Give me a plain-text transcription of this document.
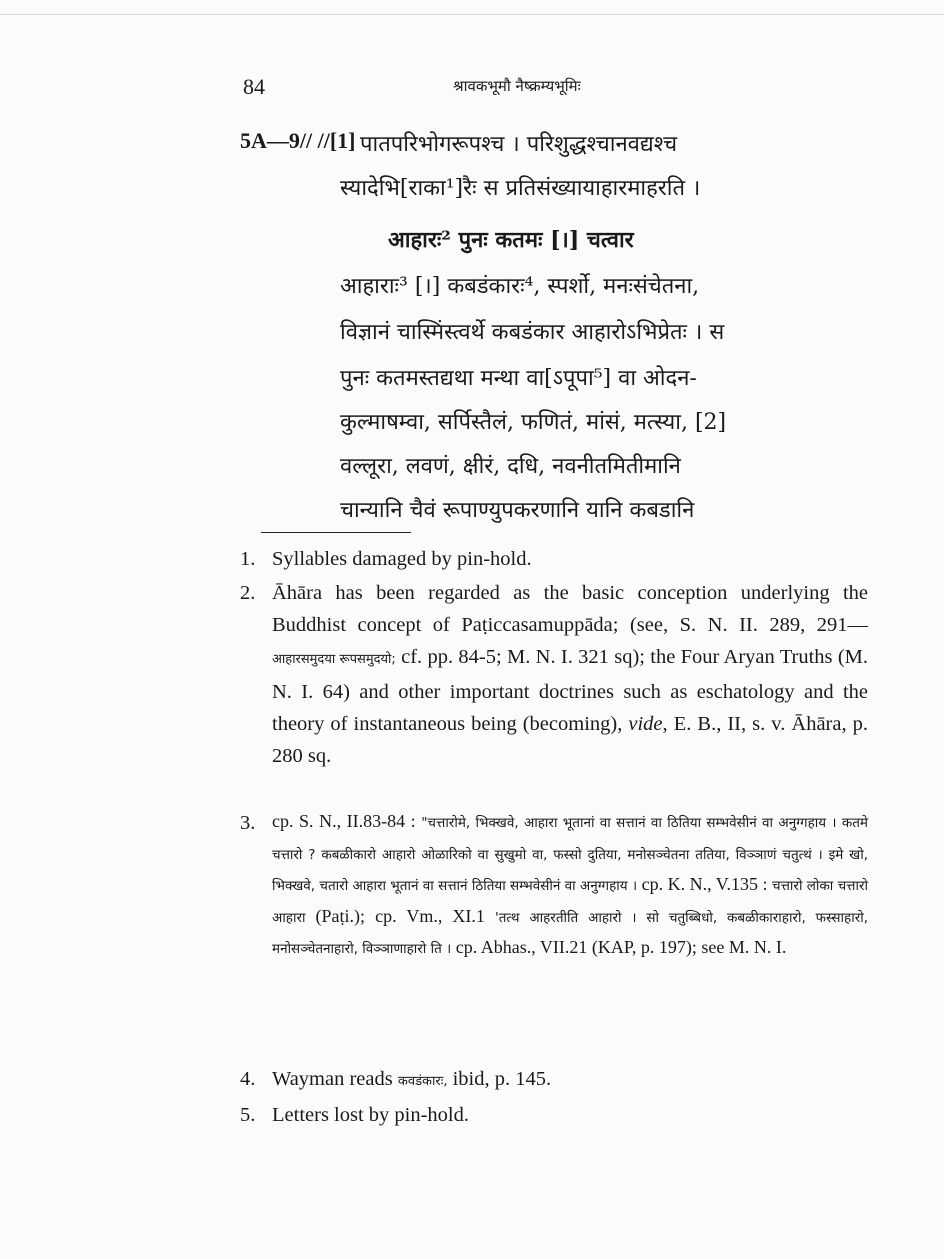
84	श्रावकभूमौ नैष्क्रम्यभूमिः
5A—9// //[1] पातपरिभोगरूपश्च । परिशुद्धश्चानवद्यश्च
स्यादेभि[राका¹]रैः स प्रतिसंख्यायाहारमाहरति ।
आहारः² पुनः कतमः [।] चत्वार
आहाराः³ [।] कबडंकारः⁴, स्पर्शो, मनःसंचेतना,
विज्ञानं चास्मिंस्त्वर्थे कबडंकार आहारोऽभिप्रेतः । स
पुनः कतमस्तद्यथा मन्था वा[ऽपूपा⁵] वा ओदन-
कुल्माषम्वा, सर्पिस्तैलं, फणितं, मांसं, मत्स्या, [2]
वल्लूरा, लवणं, क्षीरं, दधि, नवनीतमितीमानि
चान्यानि चैवं रूपाण्युपकरणानि यानि कबडानि
1. Syllables damaged by pin-hold.
2. Āhāra has been regarded as the basic conception underlying the Buddhist concept of Paṭiccasamuppāda; (see, S. N. II. 289, 291—आहारसमुदया रूपसमुदयो; cf. pp. 84-5; M. N. I. 321 sq); the Four Aryan Truths (M. N. I. 64) and other important doctrines such as eschatology and the theory of instantaneous being (becoming), vide, E. B., II, s. v. Āhāra, p. 280 sq.
3. cp. S. N., II.83-84 : "चत्तारोमे, भिक्खवे, आहारा भूतानां वा सत्तानं वा ठितिया सम्भवेसीनं वा अनुग्गहाय । कतमे चत्तारो ? कबळीकारो आहारो ओळारिको वा सुखुमो वा, फस्सो दुतिया, मनोसञ्चेतना ततिया, विञ्ञाणं चतुत्थं । इमे खो, भिक्खवे, चतारो आहारा भूतानं वा सत्तानं ठितिया सम्भवेसीनं वा अनुग्गहाय । cp. K. N., V.135 : चत्तारो लोका चत्तारो आहारा (Paṭi.); cp. Vm., XI.1 'तत्थ आहरतीति आहारो । सो चतुब्बिधो, कबळीकाराहारो, फस्साहारो, मनोसञ्चेतनाहारो, विञ्ञाणाहारो ति । cp. Abhas., VII.21 (KAP, p. 197); see M. N. I.
4. Wayman reads कवडंकारः, ibid, p. 145.
5. Letters lost by pin-hold.
